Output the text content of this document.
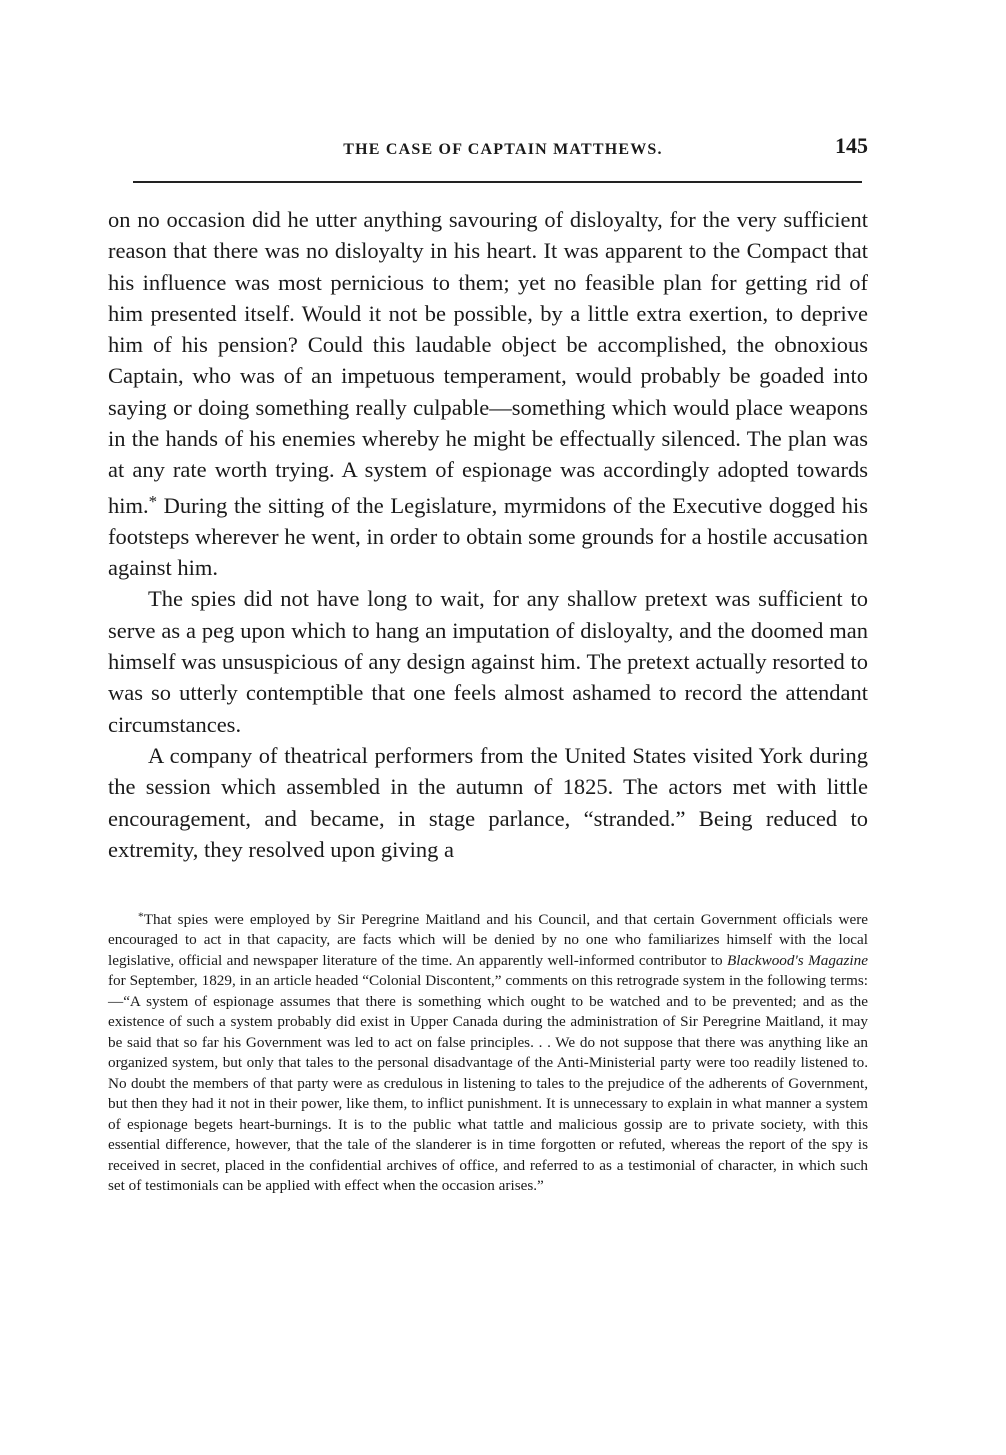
THE CASE OF CAPTAIN MATTHEWS.	145

on no occasion did he utter anything savouring of disloyalty, for the very sufficient reason that there was no disloyalty in his heart. It was apparent to the Compact that his influence was most pernicious to them; yet no feasible plan for getting rid of him presented itself. Would it not be possible, by a little extra exertion, to deprive him of his pension? Could this laudable object be accomplished, the obnoxious Captain, who was of an impetuous temperament, would probably be goaded into saying or doing something really culpable—something which would place weapons in the hands of his enemies whereby he might be effectually silenced. The plan was at any rate worth trying. A system of espionage was accordingly adopted towards him.* During the sitting of the Legislature, myrmidons of the Executive dogged his footsteps wherever he went, in order to obtain some grounds for a hostile accusation against him.

The spies did not have long to wait, for any shallow pretext was sufficient to serve as a peg upon which to hang an imputation of disloyalty, and the doomed man himself was unsuspicious of any design against him. The pretext actually resorted to was so utterly contemptible that one feels almost ashamed to record the attendant circumstances.

A company of theatrical performers from the United States visited York during the session which assembled in the autumn of 1825. The actors met with little encouragement, and became, in stage parlance, “stranded.” Being reduced to extremity, they resolved upon giving a

*That spies were employed by Sir Peregrine Maitland and his Council, and that certain Government officials were encouraged to act in that capacity, are facts which will be denied by no one who familiarizes himself with the local legislative, official and newspaper literature of the time. An apparently well-informed contributor to Blackwood's Magazine for September, 1829, in an article headed “Colonial Discontent,” comments on this retrograde system in the following terms:—“A system of espionage assumes that there is something which ought to be watched and to be prevented; and as the existence of such a system probably did exist in Upper Canada during the administration of Sir Peregrine Maitland, it may be said that so far his Government was led to act on false principles. . . We do not suppose that there was anything like an organized system, but only that tales to the personal disadvantage of the Anti-Ministerial party were too readily listened to. No doubt the members of that party were as credulous in listening to tales to the prejudice of the adherents of Government, but then they had it not in their power, like them, to inflict punishment. It is unnecessary to explain in what manner a system of espionage begets heart-burnings. It is to the public what tattle and malicious gossip are to private society, with this essential difference, however, that the tale of the slanderer is in time forgotten or refuted, whereas the report of the spy is received in secret, placed in the confidential archives of office, and referred to as a testimonial of character, in which such set of testimonials can be applied with effect when the occasion arises.”
